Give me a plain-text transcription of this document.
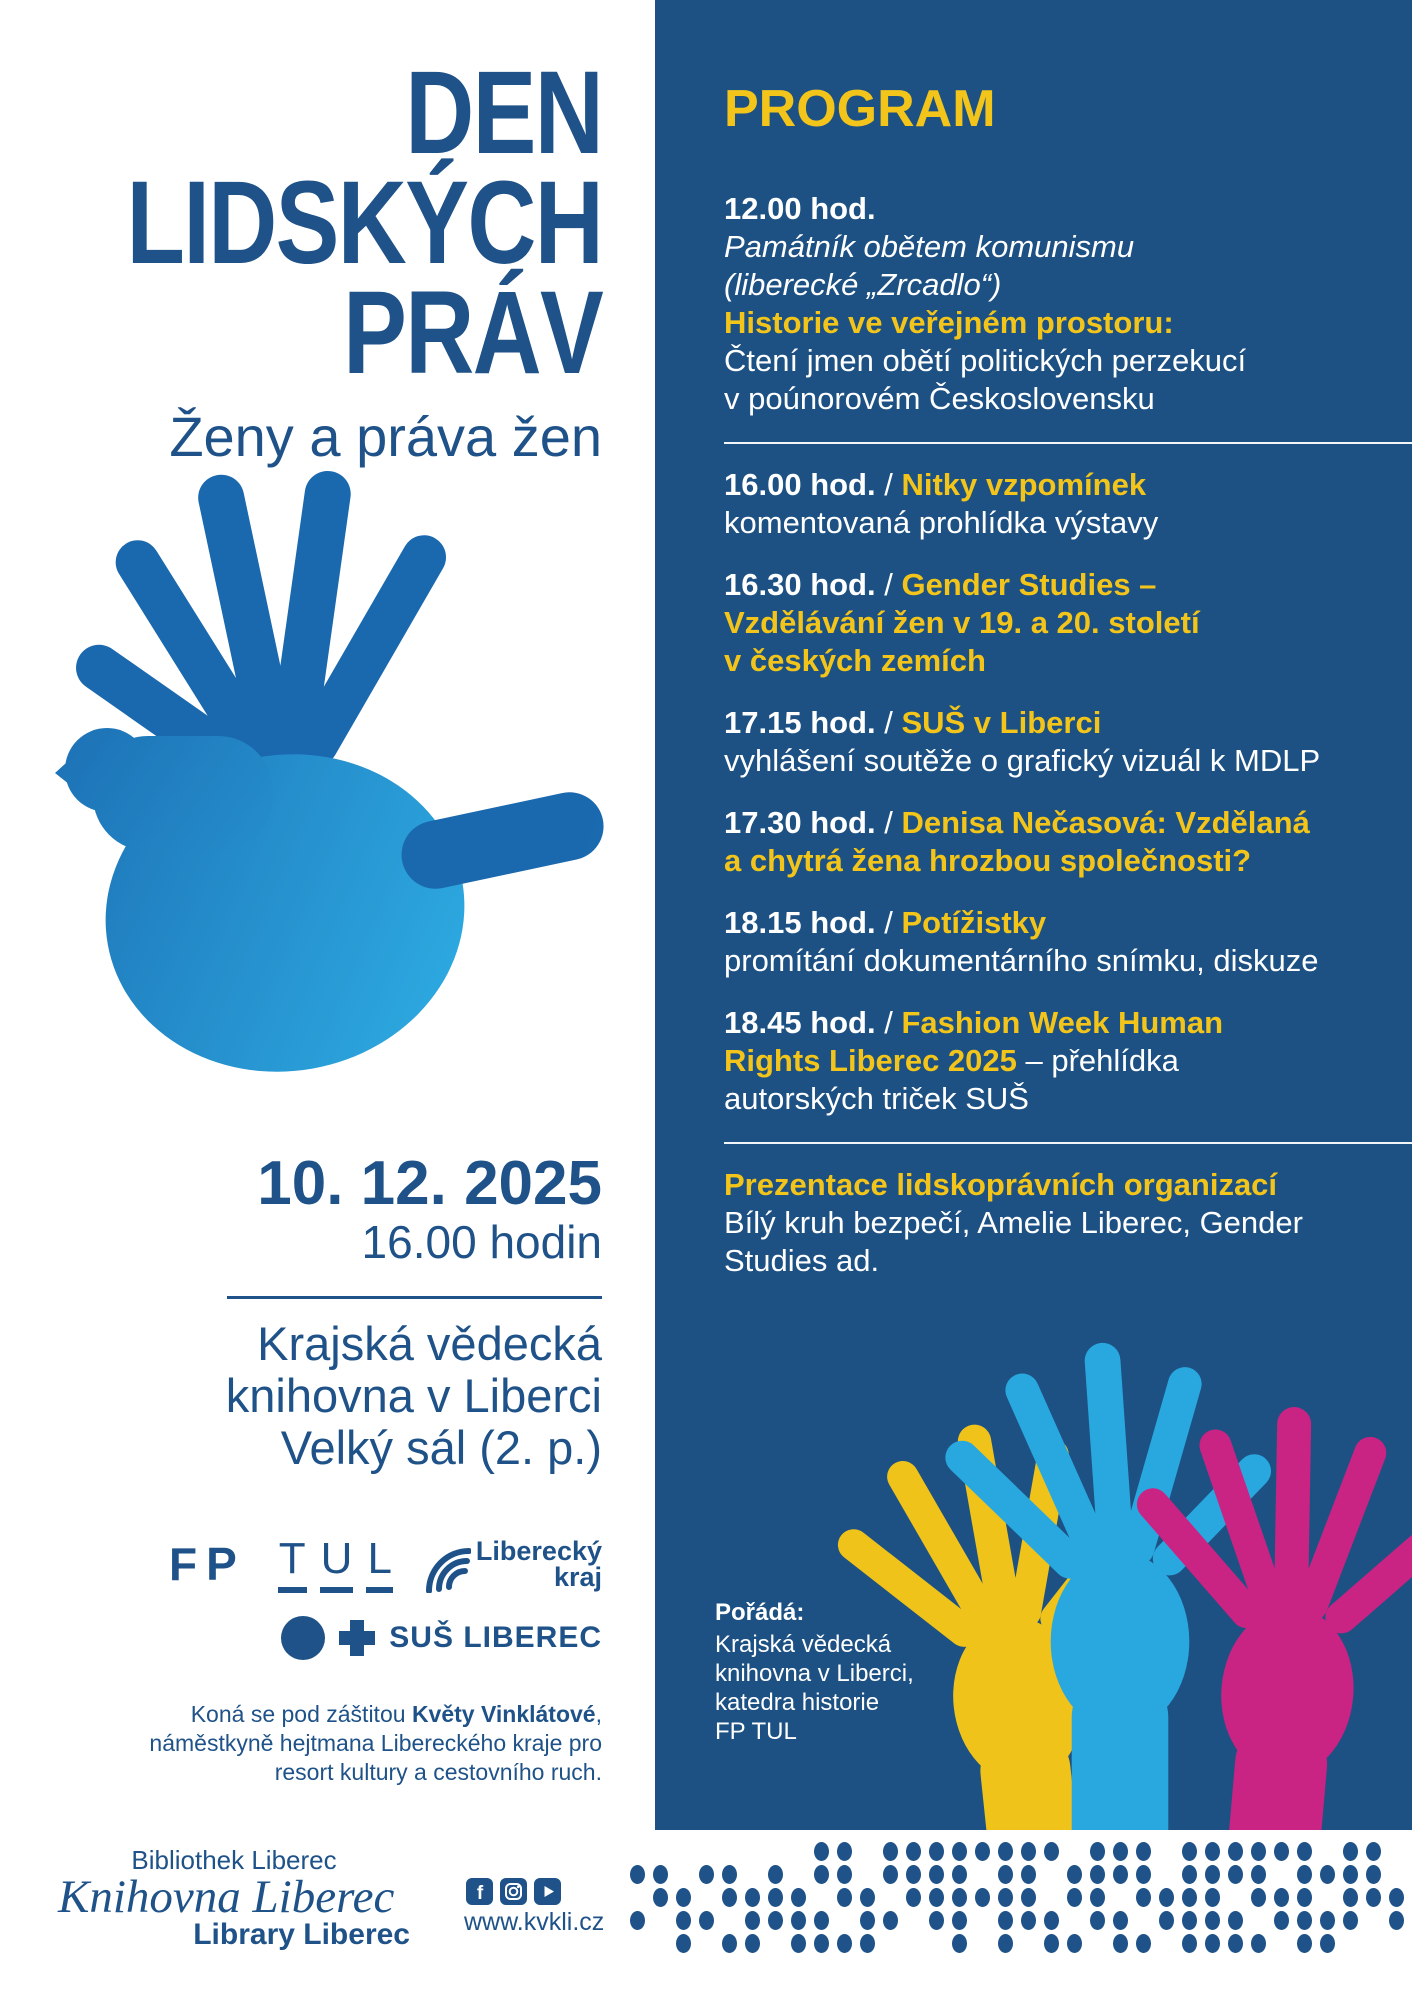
DEN
LIDSKÝCH
PRÁV
Ženy a práva žen
10. 12. 2025
16.00 hodin
Krajská vědecká
knihovna v Liberci
Velký sál (2. p.)
FP T U L	Liberecký
kraj
SUŠ LIBEREC
Koná se pod záštitou Květy Vinklátové,
náměstkyně hejtmana Libereckého kraje pro
resort kultury a cestovního ruch.
PROGRAM
12.00 hod.
Památník obětem komunismu
(liberecké „Zrcadlo“)
Historie ve veřejném prostoru:
Čtení jmen obětí politických perzekucí
v poúnorovém Československu
16.00 hod. / Nitky vzpomínek
komentovaná prohlídka výstavy
16.30 hod. / Gender Studies –
Vzdělávání žen v 19. a 20. století
v českých zemích
17.15 hod. / SUŠ v Liberci
vyhlášení soutěže o grafický vizuál k MDLP
17.30 hod. / Denisa Nečasová: Vzdělaná
a chytrá žena hrozbou společnosti?
18.15 hod. / Potížistky
promítání dokumentárního snímku, diskuze
18.45 hod. / Fashion Week Human
Rights Liberec 2025 – přehlídka
autorských triček SUŠ
Prezentace lidskoprávních organizací
Bílý kruh bezpečí, Amelie Liberec, Gender
Studies ad.
Pořádá:
Krajská vědecká
knihovna v Liberci,
katedra historie
FP TUL
Bibliothek Liberec
Knihovna Liberec
Library Liberec
f
www.kvkli.cz
